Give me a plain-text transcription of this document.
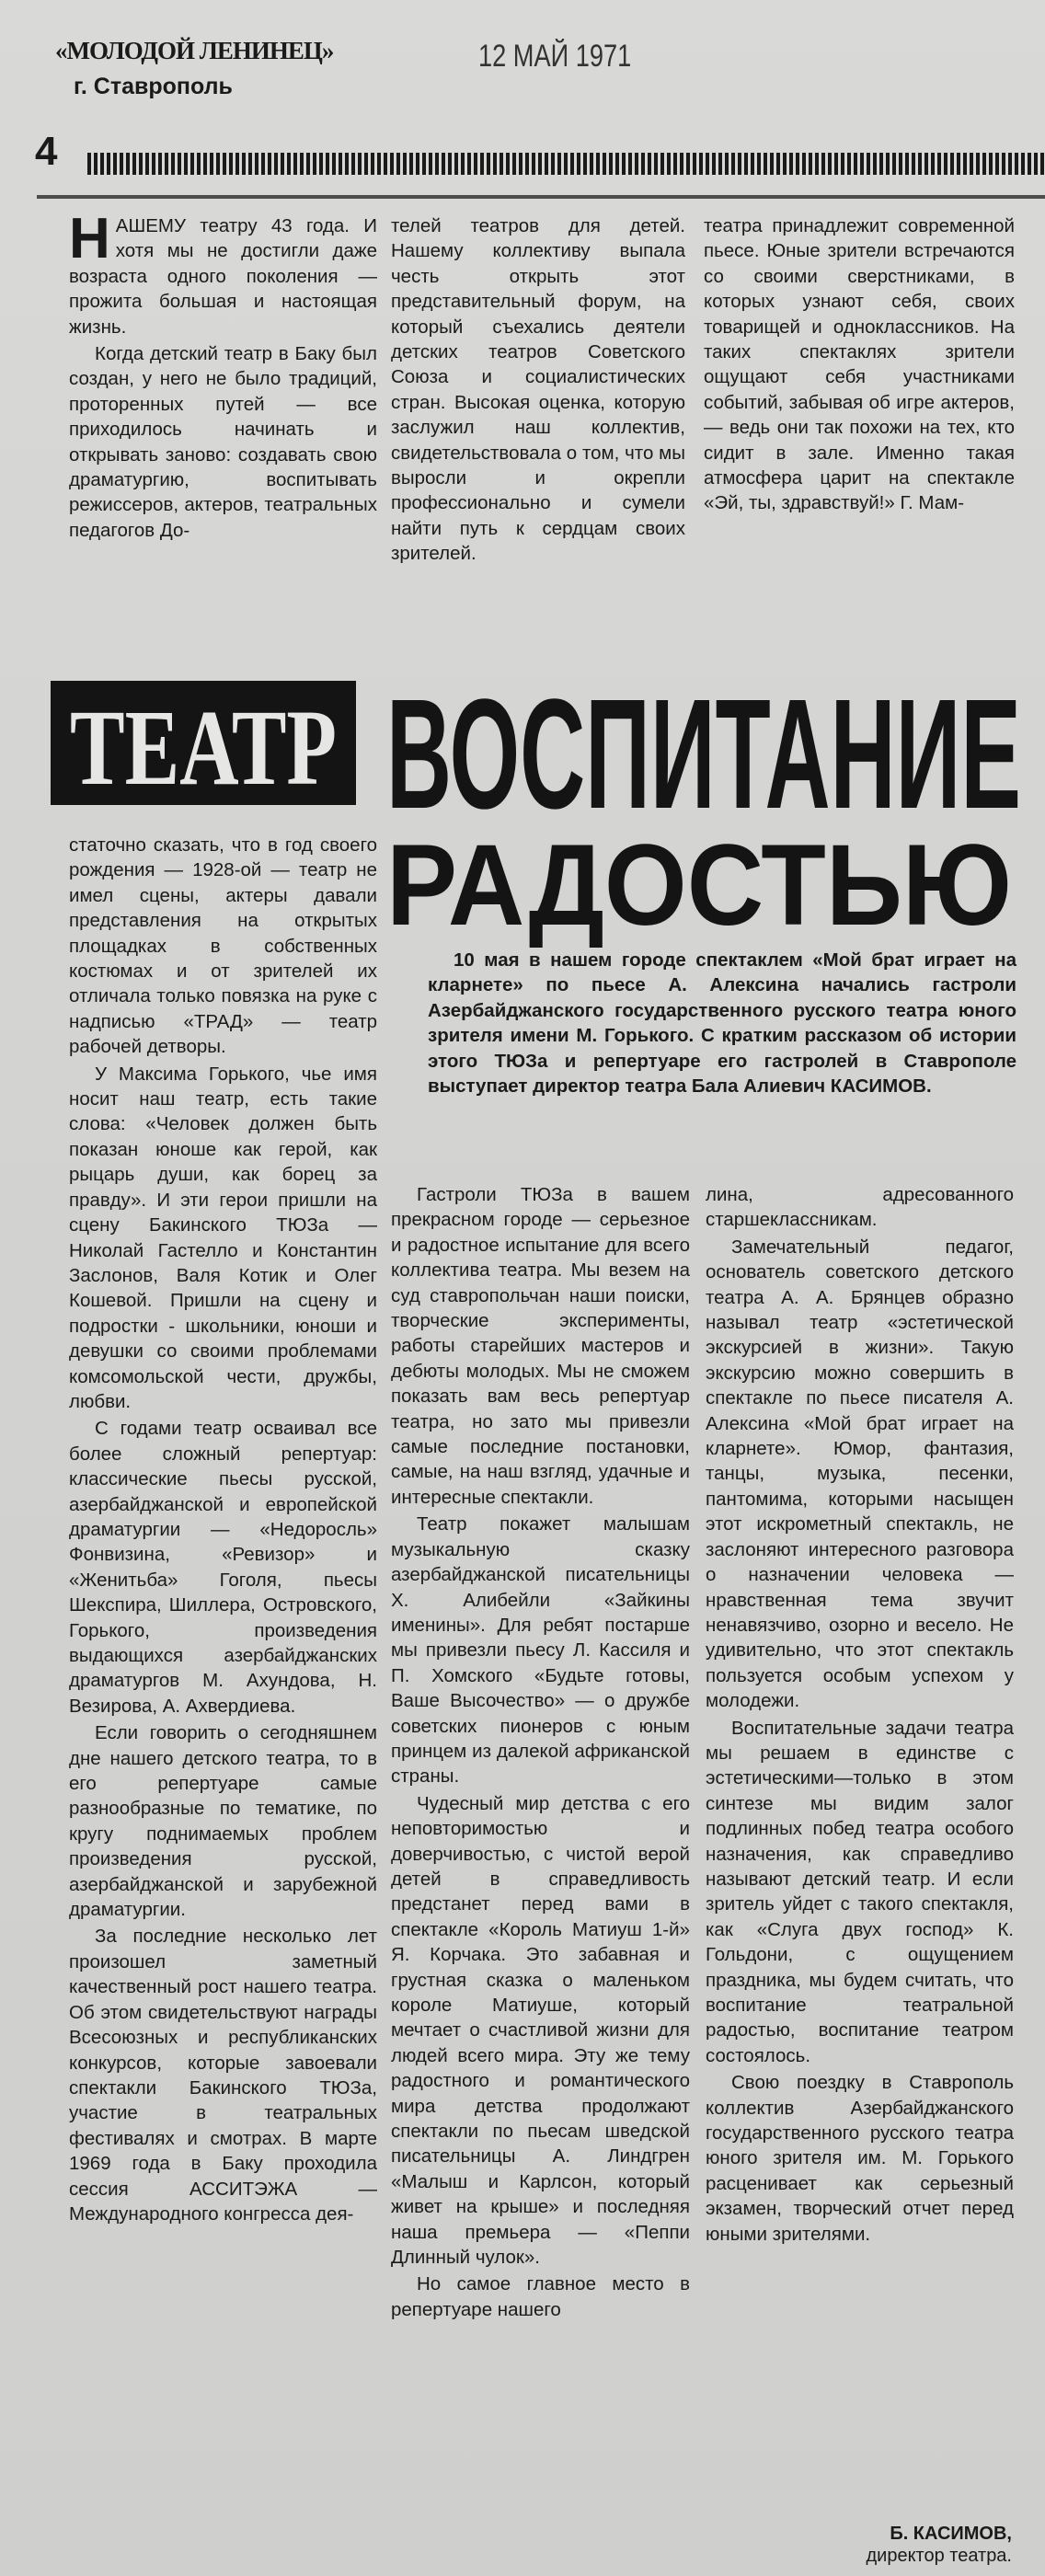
«МОЛОДОЙ ЛЕНИНЕЦ»
г. Ставрополь
12 МАЙ 1971
4

НАШЕМУ театру 43 года. И хотя мы не достигли даже возраста одного поколения — прожита большая и настоящая жизнь.

Когда детский театр в Баку был создан, у него не было традиций, проторенных путей — все приходилось начинать и открывать заново: создавать свою драматургию, воспитывать режиссеров, актеров, театральных педагогов До-

телей театров для детей. Нашему коллективу выпала честь открыть этот представительный форум, на который съехались деятели детских театров Советского Союза и социалистических стран. Высокая оценка, которую заслужил наш коллектив, свидетельствовала о том, что мы выросли и окрепли профессионально и сумели найти путь к сердцам своих зрителей.

театра принадлежит современной пьесе. Юные зрители встречаются со своими сверстниками, в которых узнают себя, своих товарищей и одноклассников. На таких спектаклях зрители ощущают себя участниками событий, забывая об игре актеров, — ведь они так похожи на тех, кто сидит в зале. Именно такая атмосфера царит на спектакле «Эй, ты, здравствуй!» Г. Мам-

ТЕАТР ВОСПИТАНИЕ
РАДОСТЬЮ

статочно сказать, что в год своего рождения — 1928-ой — театр не имел сцены, актеры давали представления на открытых площадках в собственных костюмах и от зрителей их отличала только повязка на руке с надписью «ТРАД» — театр рабочей детворы.

У Максима Горького, чье имя носит наш театр, есть такие слова: «Человек должен быть показан юноше как герой, как рыцарь души, как борец за правду». И эти герои пришли на сцену Бакинского ТЮЗа — Николай Гастелло и Константин Заслонов, Валя Котик и Олег Кошевой. Пришли на сцену и подростки - школьники, юноши и девушки со своими проблемами комсомольской чести, дружбы, любви.

С годами театр осваивал все более сложный репертуар: классические пьесы русской, азербайджанской и европейской драматургии — «Недоросль» Фонвизина, «Ревизор» и «Женитьба» Гоголя, пьесы Шекспира, Шиллера, Островского, Горького, произведения выдающихся азербайджанских драматургов М. Ахундова, Н. Везирова, А. Ахвердиева.

Если говорить о сегодняшнем дне нашего детского театра, то в его репертуаре самые разнообразные по тематике, по кругу поднимаемых проблем произведения русской, азербайджанской и зарубежной драматургии.

За последние несколько лет произошел заметный качественный рост нашего театра. Об этом свидетельствуют награды Всесоюзных и республиканских конкурсов, которые завоевали спектакли Бакинского ТЮЗа, участие в театральных фестивалях и смотрах. В марте 1969 года в Баку проходила сессия АССИТЭЖА — Международного конгресса дея-

10 мая в нашем городе спектаклем «Мой брат играет на кларнете» по пьесе А. Алексина начались гастроли Азербайджанского государственного русского театра юного зрителя имени М. Горького. С кратким рассказом об истории этого ТЮЗа и репертуаре его гастролей в Ставрополе выступает директор театра Бала Алиевич КАСИМОВ.

Гастроли ТЮЗа в вашем прекрасном городе — серьезное и радостное испытание для всего коллектива театра. Мы везем на суд ставропольчан наши поиски, творческие эксперименты, работы старейших мастеров и дебюты молодых. Мы не сможем показать вам весь репертуар театра, но зато мы привезли самые последние постановки, самые, на наш взгляд, удачные и интересные спектакли.

Театр покажет малышам музыкальную сказку азербайджанской писательницы Х. Алибейли «Зайкины именины». Для ребят постарше мы привезли пьесу Л. Кассиля и П. Хомского «Будьте готовы, Ваше Высочество» — о дружбе советских пионеров с юным принцем из далекой африканской страны.

Чудесный мир детства с его неповторимостью и доверчивостью, с чистой верой детей в справедливость предстанет перед вами в спектакле «Король Матиуш 1-й» Я. Корчака. Это забавная и грустная сказка о маленьком короле Матиуше, который мечтает о счастливой жизни для людей всего мира. Эту же тему радостного и романтического мира детства продолжают спектакли по пьесам шведской писательницы А. Линдгрен «Малыш и Карлсон, который живет на крыше» и последняя наша премьера — «Пеппи Длинный чулок».

Но самое главное место в репертуаре нашего

лина, адресованного старшеклассникам.

Замечательный педагог, основатель советского детского театра А. А. Брянцев образно называл театр «эстетической экскурсией в жизни». Такую экскурсию можно совершить в спектакле по пьесе писателя А. Алексина «Мой брат играет на кларнете». Юмор, фантазия, танцы, музыка, песенки, пантомима, которыми насыщен этот искрометный спектакль, не заслоняют интересного разговора о назначении человека — нравственная тема звучит ненавязчиво, озорно и весело. Не удивительно, что этот спектакль пользуется особым успехом у молодежи.

Воспитательные задачи театра мы решаем в единстве с эстетическими—только в этом синтезе мы видим залог подлинных побед театра особого назначения, как справедливо называют детский театр. И если зритель уйдет с такого спектакля, как «Слуга двух господ» К. Гольдони, с ощущением праздника, мы будем считать, что воспитание театральной радостью, воспитание театром состоялось.

Свою поездку в Ставрополь коллектив Азербайджанского государственного русского театра юного зрителя им. М. Горького расценивает как серьезный экзамен, творческий отчет перед юными зрителями.

Б. КАСИМОВ,
директор театра.
